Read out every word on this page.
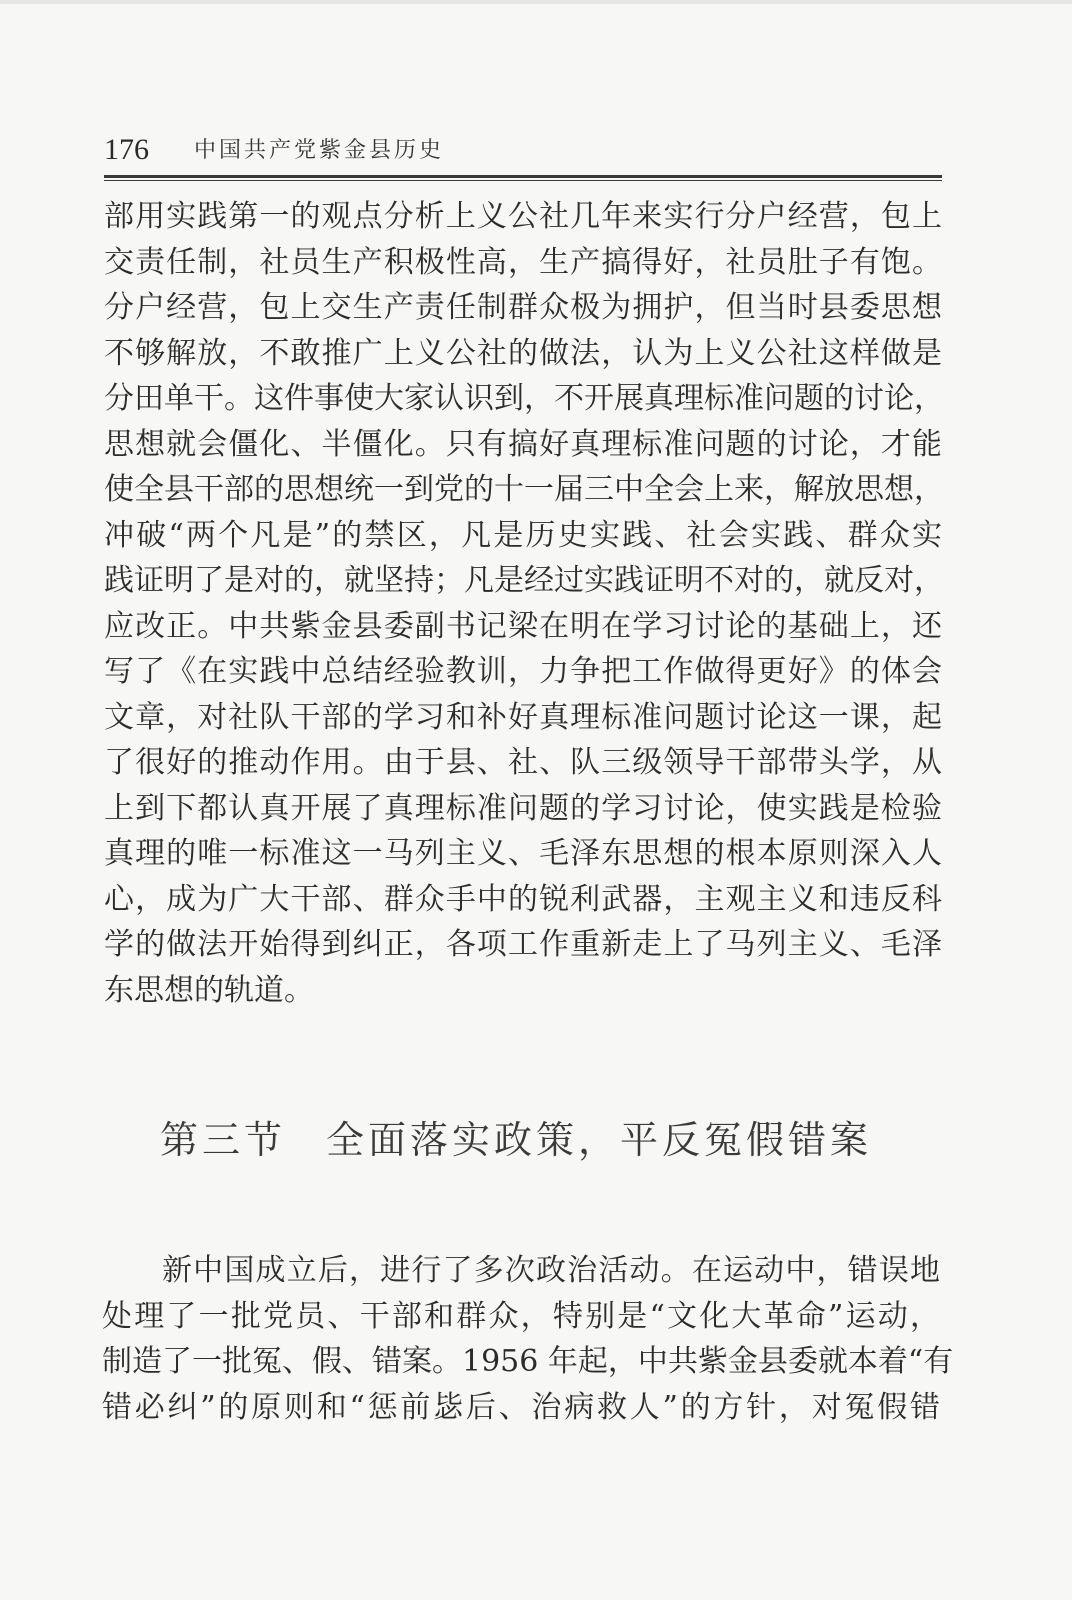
176 中国共产党紫金县历史
部用实践第一的观点分析上义公社几年来实行分户经营，包上
交责任制，社员生产积极性高，生产搞得好，社员肚子有饱。
分户经营，包上交生产责任制群众极为拥护，但当时县委思想
不够解放，不敢推广上义公社的做法，认为上义公社这样做是
分田单干。这件事使大家认识到，不开展真理标准问题的讨论，
思想就会僵化、半僵化。只有搞好真理标准问题的讨论，才能
使全县干部的思想统一到党的十一届三中全会上来，解放思想，
冲破“两个凡是”的禁区，凡是历史实践、社会实践、群众实
践证明了是对的，就坚持；凡是经过实践证明不对的，就反对，
应改正。中共紫金县委副书记梁在明在学习讨论的基础上，还
写了《在实践中总结经验教训，力争把工作做得更好》的体会
文章，对社队干部的学习和补好真理标准问题讨论这一课，起
了很好的推动作用。由于县、社、队三级领导干部带头学，从
上到下都认真开展了真理标准问题的学习讨论，使实践是检验
真理的唯一标准这一马列主义、毛泽东思想的根本原则深入人
心，成为广大干部、群众手中的锐利武器，主观主义和违反科
学的做法开始得到纠正，各项工作重新走上了马列主义、毛泽
东思想的轨道。
第三节 全面落实政策，平反冤假错案
新中国成立后，进行了多次政治活动。在运动中，错误地
处理了一批党员、干部和群众，特别是“文化大革命”运动，
制造了一批冤、假、错案。1956 年起，中共紫金县委就本着“有
错必纠”的原则和“惩前毖后、治病救人”的方针，对冤假错
